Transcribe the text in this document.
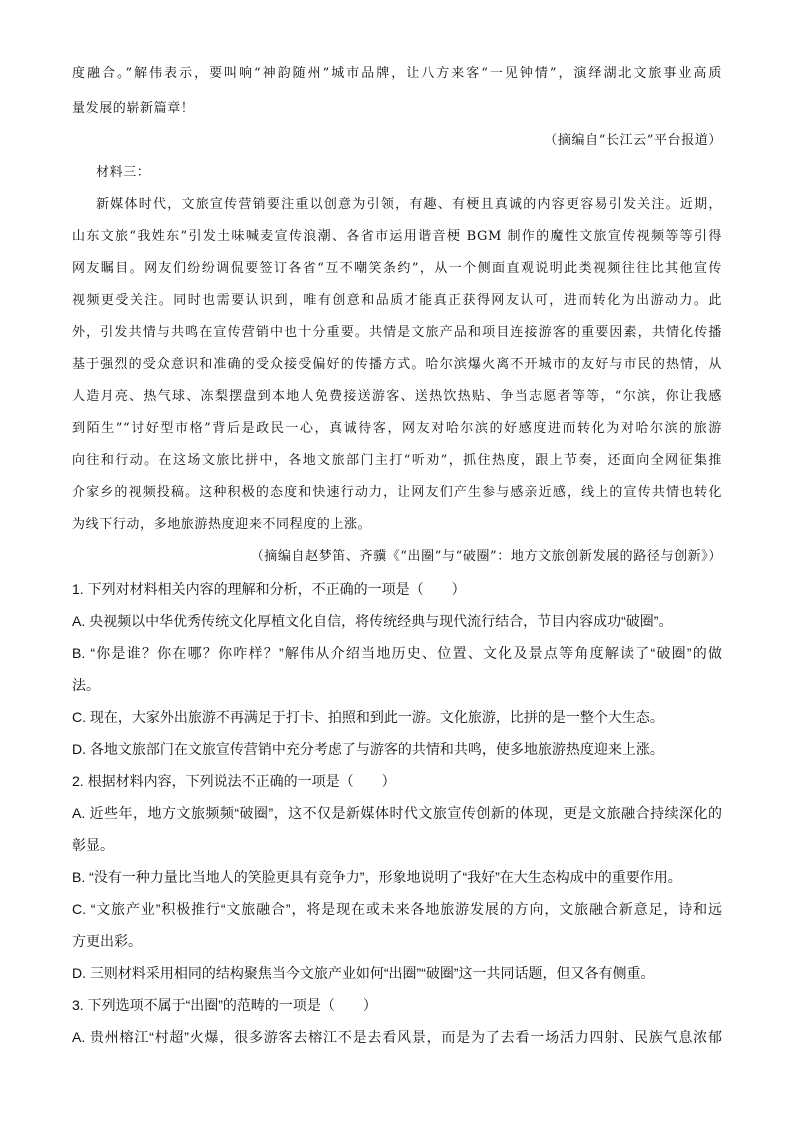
度融合。”解伟表示，要叫响“神韵随州”城市品牌，让八方来客“一见钟情”，演绎湖北文旅事业高质
量发展的崭新篇章！
（摘编自“长江云”平台报道）
材料三：
新媒体时代，文旅宣传营销要注重以创意为引领，有趣、有梗且真诚的内容更容易引发关注。近期，
山东文旅“我姓东”引发土味喊麦宣传浪潮、各省市运用谐音梗 BGM 制作的魔性文旅宣传视频等等引得
网友瞩目。网友们纷纷调侃要签订各省“互不嘲笑条约”，从一个侧面直观说明此类视频往往比其他宣传
视频更受关注。同时也需要认识到，唯有创意和品质才能真正获得网友认可，进而转化为出游动力。此
外，引发共情与共鸣在宣传营销中也十分重要。共情是文旅产品和项目连接游客的重要因素，共情化传播
基于强烈的受众意识和准确的受众接受偏好的传播方式。哈尔滨爆火离不开城市的友好与市民的热情，从
人造月亮、热气球、冻梨摆盘到本地人免费接送游客、送热饮热贴、争当志愿者等等，“尔滨，你让我感
到陌生”“讨好型市格”背后是政民一心，真诚待客，网友对哈尔滨的好感度进而转化为对哈尔滨的旅游
向往和行动。在这场文旅比拼中，各地文旅部门主打“听劝”，抓住热度，跟上节奏，还面向全网征集推
介家乡的视频投稿。这种积极的态度和快速行动力，让网友们产生参与感亲近感，线上的宣传共情也转化
为线下行动，多地旅游热度迎来不同程度的上涨。
（摘编自赵梦笛、齐骥《“出圈”与“破圈”：地方文旅创新发展的路径与创新》）
1. 下列对材料相关内容的理解和分析，不正确的一项是（　　）
A. 央视频以中华优秀传统文化厚植文化自信，将传统经典与现代流行结合，节目内容成功“破圈”。
B. “你是谁？你在哪？你咋样？”解伟从介绍当地历史、位置、文化及景点等角度解读了“破圈”的做
法。
C. 现在，大家外出旅游不再满足于打卡、拍照和到此一游。文化旅游，比拼的是一整个大生态。
D. 各地文旅部门在文旅宣传营销中充分考虑了与游客的共情和共鸣，使多地旅游热度迎来上涨。
2. 根据材料内容，下列说法不正确的一项是（　　）
A. 近些年，地方文旅频频“破圈”，这不仅是新媒体时代文旅宣传创新的体现，更是文旅融合持续深化的
彰显。
B. “没有一种力量比当地人的笑脸更具有竞争力”，形象地说明了“我好”在大生态构成中的重要作用。
C. “文旅产业”积极推行“文旅融合”，将是现在或未来各地旅游发展的方向，文旅融合新意足，诗和远
方更出彩。
D. 三则材料采用相同的结构聚焦当今文旅产业如何“出圈”“破圈”这一共同话题，但又各有侧重。
3. 下列选项不属于“出圈”的范畴的一项是（　　）
A. 贵州榕江“村超”火爆，很多游客去榕江不是去看风景，而是为了去看一场活力四射、民族气息浓郁
